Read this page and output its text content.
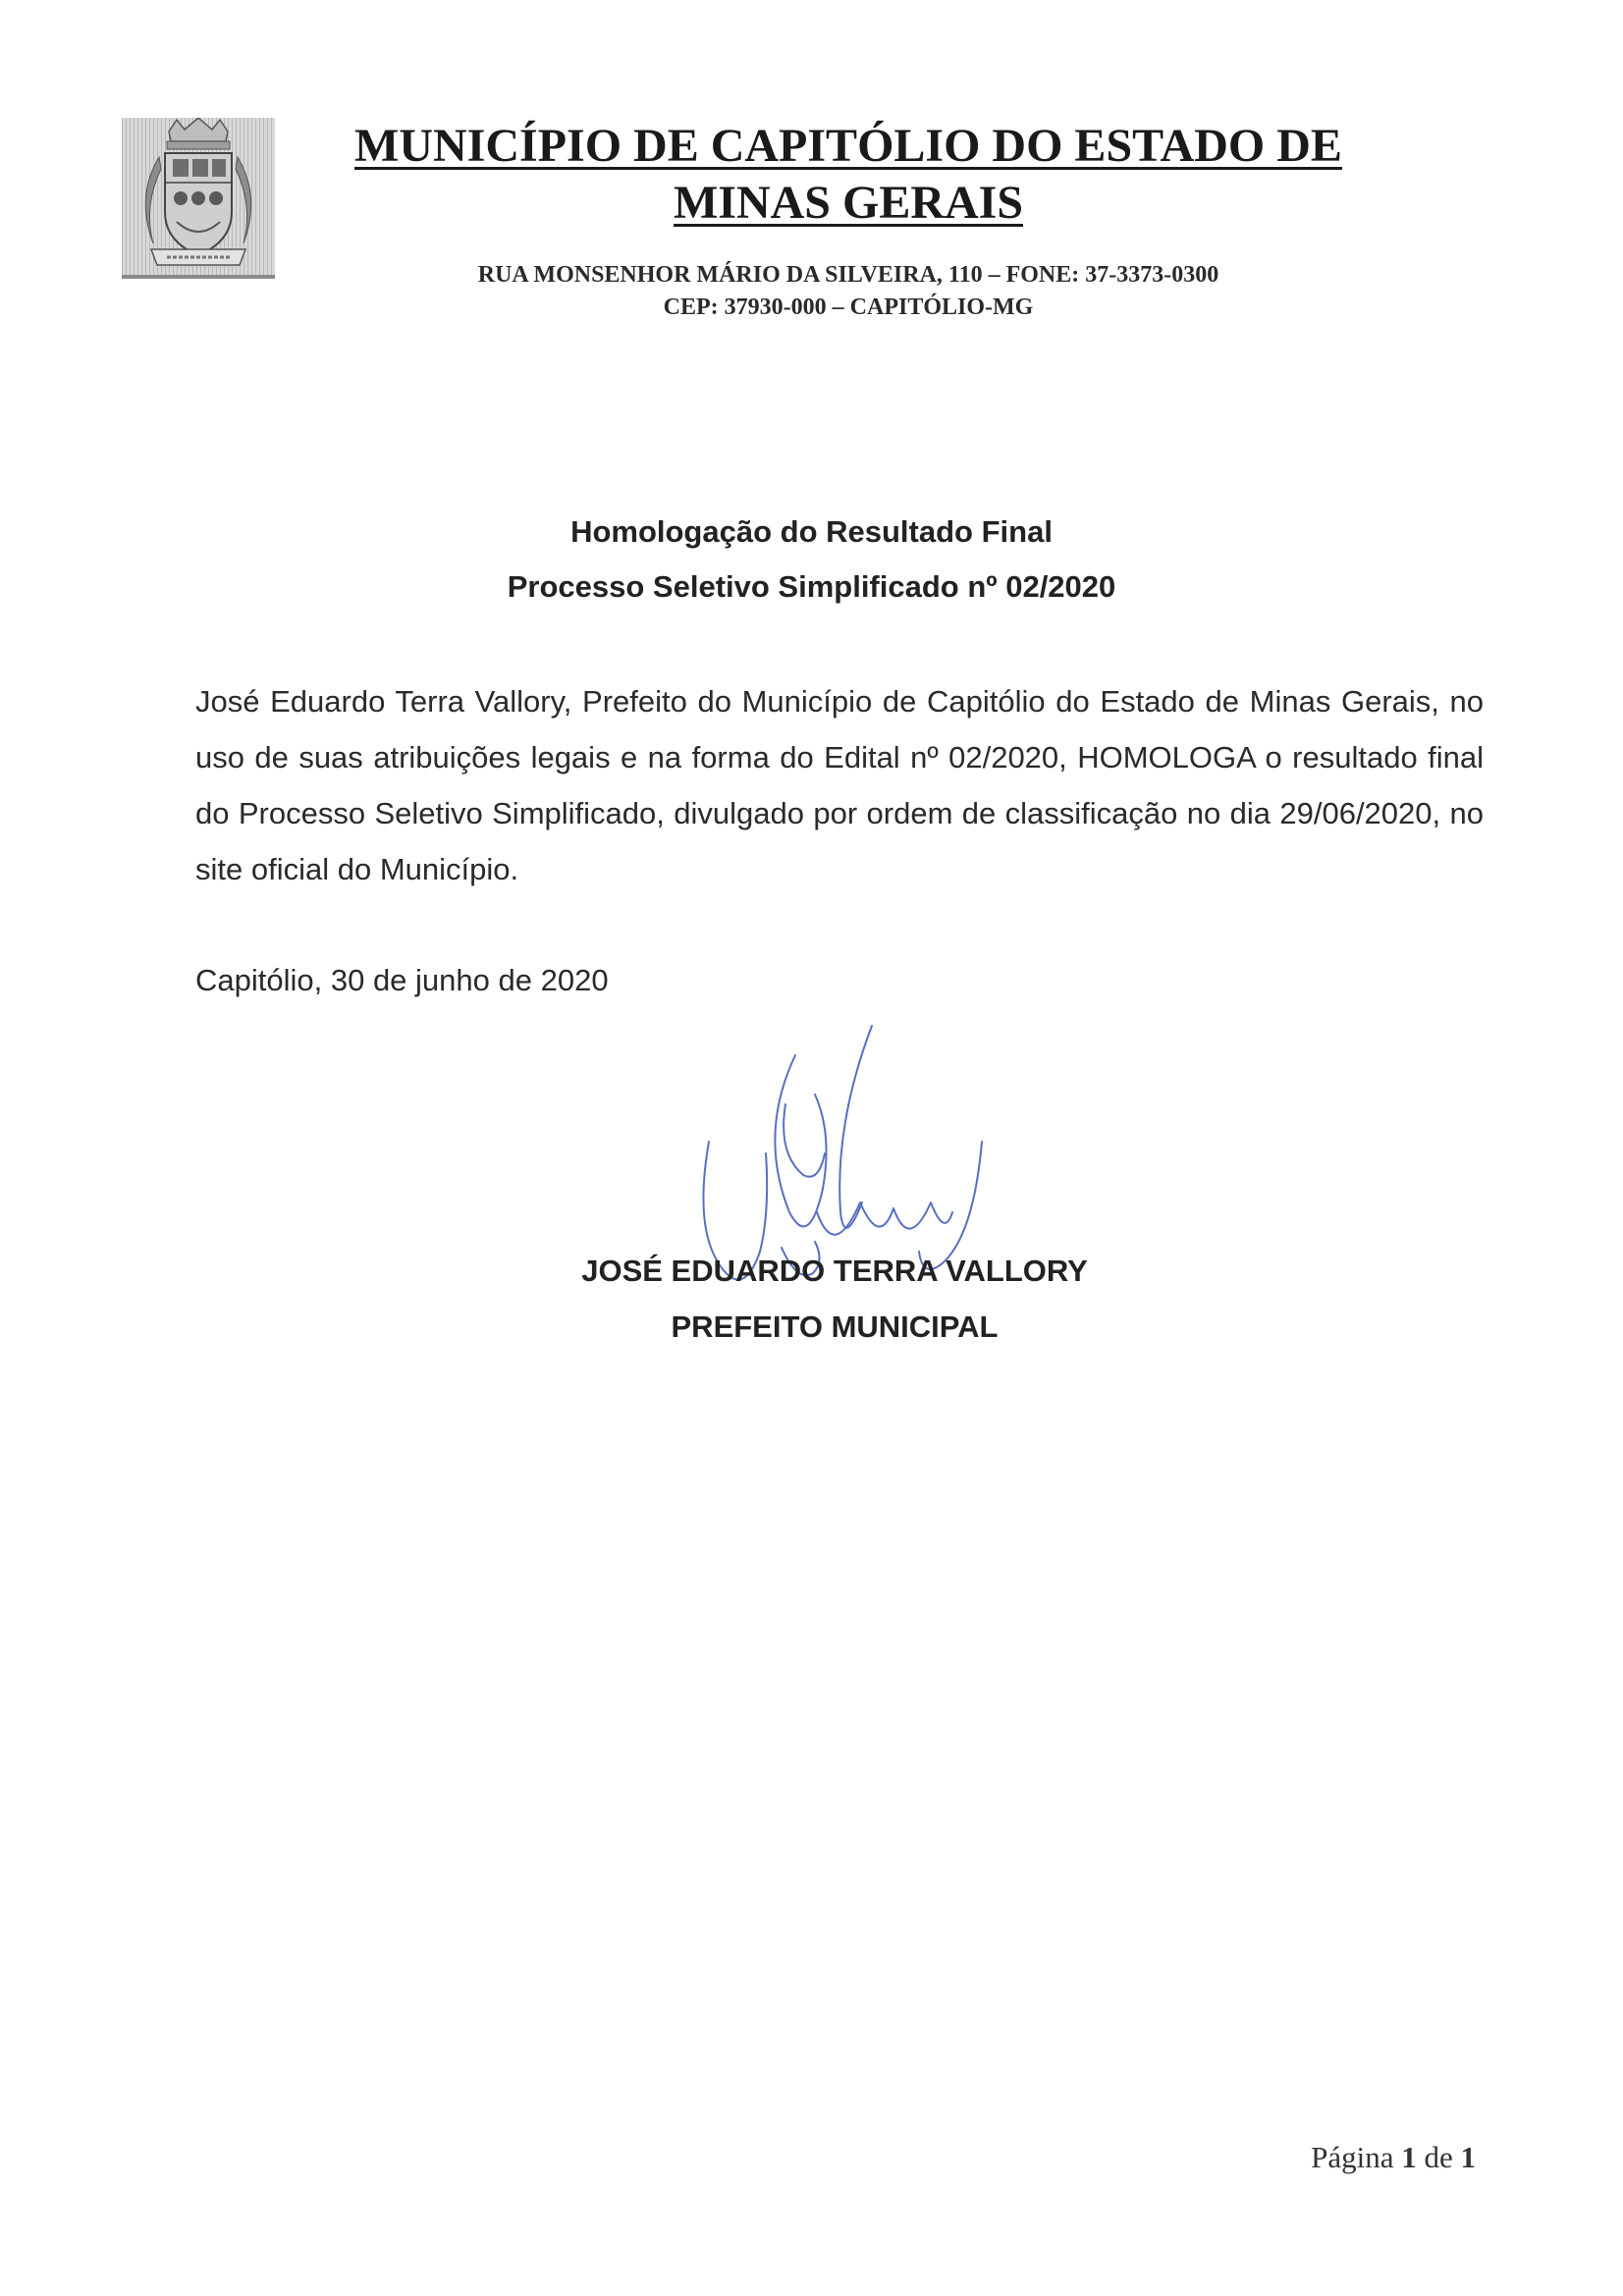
MUNICÍPIO DE CAPITÓLIO DO ESTADO DE
MINAS GERAIS
RUA MONSENHOR MÁRIO DA SILVEIRA, 110 – FONE: 37-3373-0300
CEP: 37930-000 – CAPITÓLIO-MG
Homologação do Resultado Final
Processo Seletivo Simplificado nº 02/2020
José Eduardo Terra Vallory, Prefeito do Município de Capitólio do Estado de Minas Gerais, no uso de suas atribuições legais e na forma do Edital nº 02/2020, HOMOLOGA o resultado final do Processo Seletivo Simplificado, divulgado por ordem de classificação no dia 29/06/2020, no site oficial do Município.
Capitólio, 30 de junho de 2020
JOSÉ EDUARDO TERRA VALLORY
PREFEITO MUNICIPAL
Página 1 de 1
